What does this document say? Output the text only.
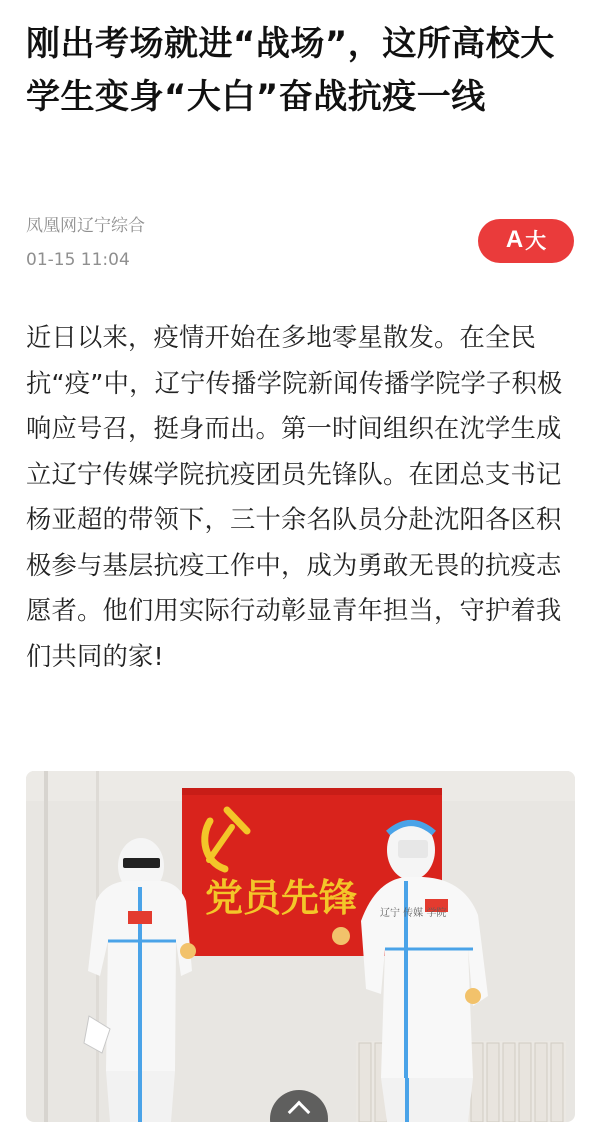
刚出考场就进“战场”，这所高校大学生变身“大白”奋战抗疫一线
凤凰网辽宁综合
01-15 11:04
A 大

近日以来，疫情开始在多地零星散发。在全民抗“疫”中，辽宁传播学院新闻传播学院学子积极响应号召，挺身而出。第一时间组织在沈学生成立辽宁传媒学院抗疫团员先锋队。在团总支书记杨亚超的带领下，三十余名队员分赴沈阳各区积极参与基层抗疫工作中，成为勇敢无畏的抗疫志愿者。他们用实际行动彰显青年担当，守护着我们共同的家!

党员先锋 辽宁 传媒 学院
